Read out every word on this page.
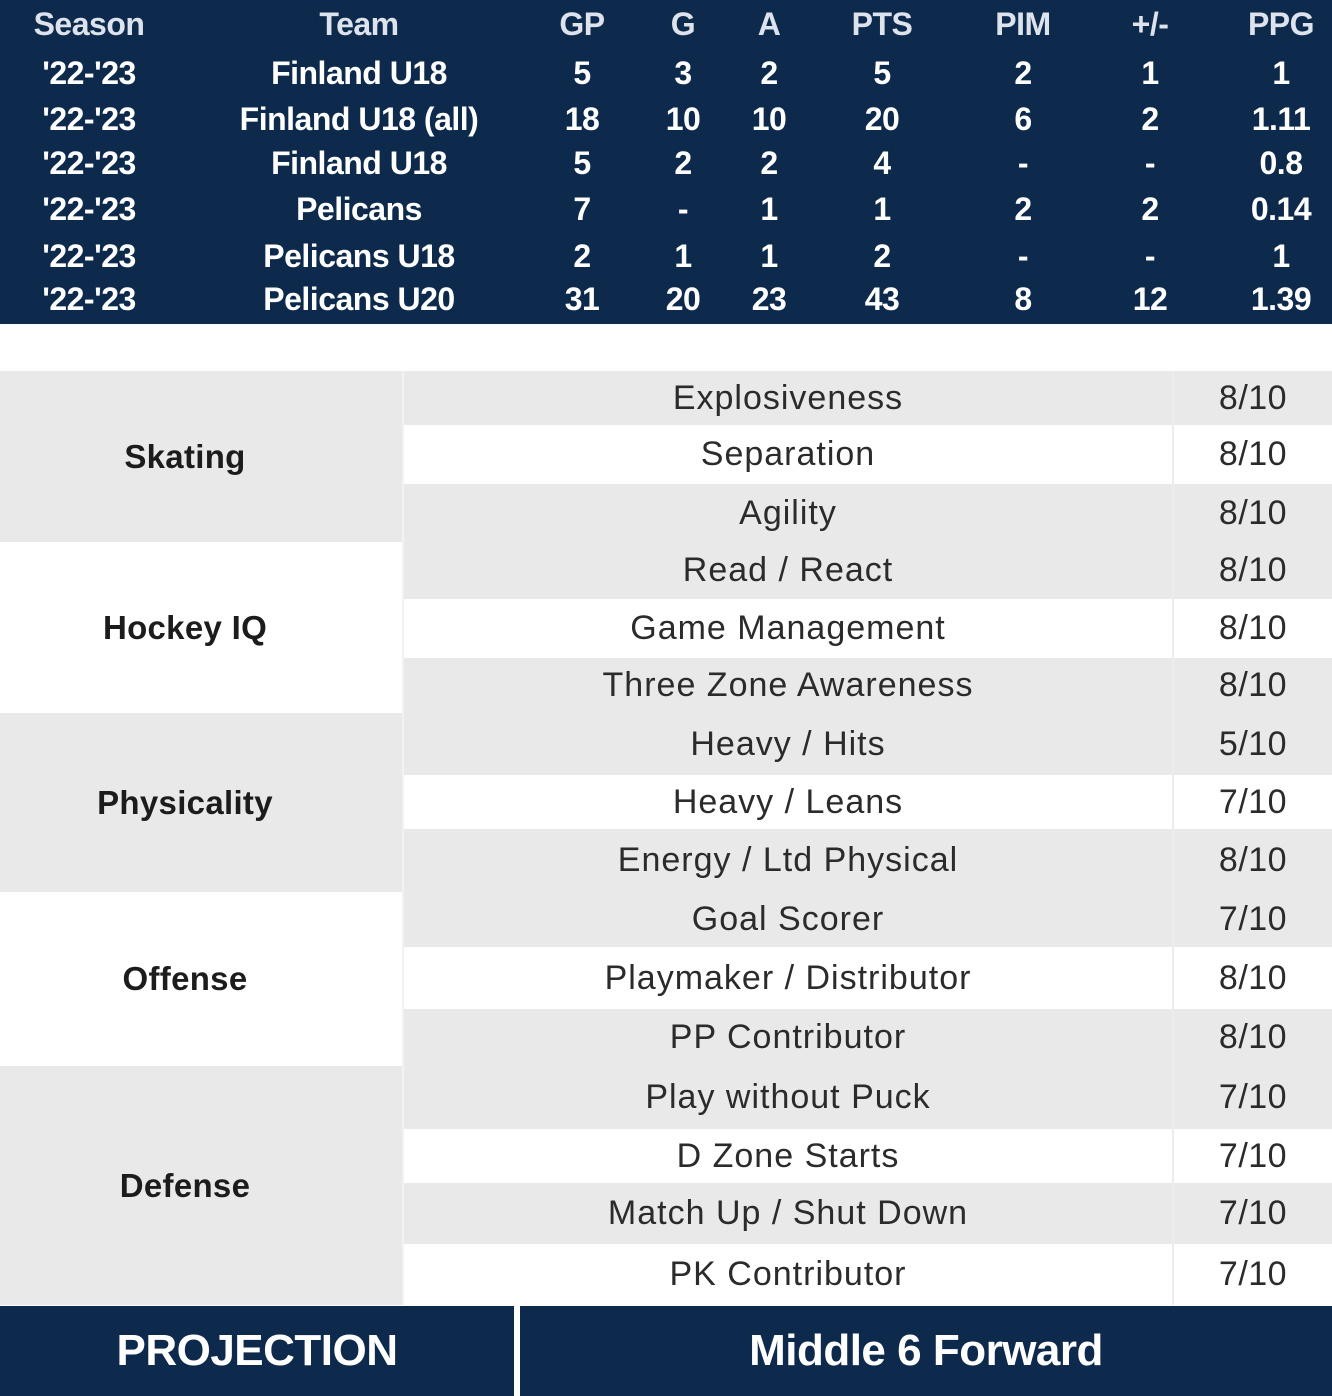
Season	Team	GP	G	A	PTS	PIM	+/-	PPG
'22-'23	Finland U18	5	3	2	5	2	1	1
'22-'23	Finland U18 (all)	18	10	10	20	6	2	1.11
'22-'23	Finland U18	5	2	2	4	-	-	0.8
'22-'23	Pelicans	7	-	1	1	2	2	0.14
'22-'23	Pelicans U18	2	1	1	2	-	-	1
'22-'23	Pelicans U20	31	20	23	43	8	12	1.39
Skating
Explosiveness	8/10
Separation	8/10
Agility	8/10
Hockey IQ
Read / React	8/10
Game Management	8/10
Three Zone Awareness	8/10
Physicality
Heavy / Hits	5/10
Heavy / Leans	7/10
Energy / Ltd Physical	8/10
Offense
Goal Scorer	7/10
Playmaker / Distributor	8/10
PP Contributor	8/10
Defense
Play without Puck	7/10
D Zone Starts	7/10
Match Up / Shut Down	7/10
PK Contributor	7/10
PROJECTION	Middle 6 Forward
